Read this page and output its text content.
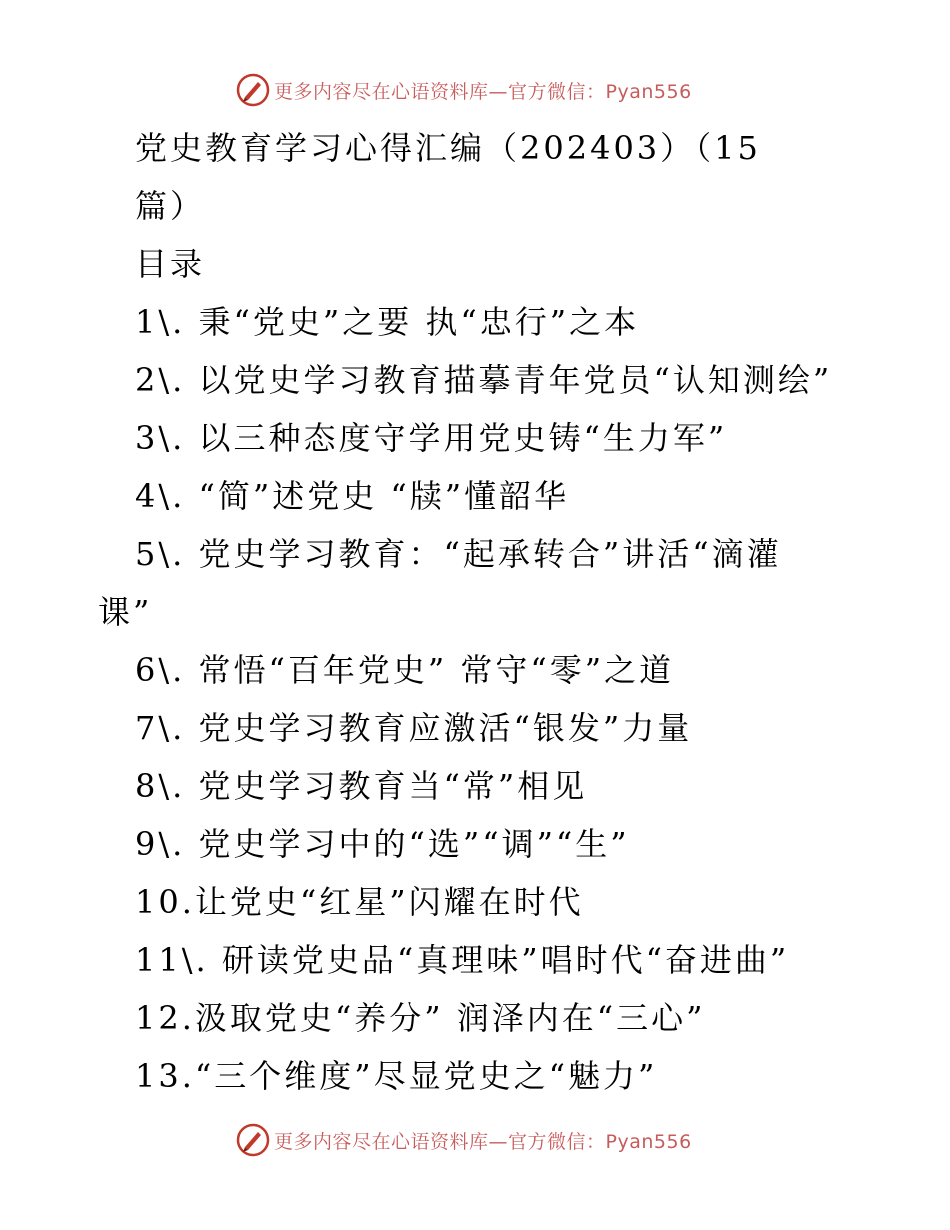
更多内容尽在心语资料库—官方微信：Pyan556
党史教育学习心得汇编（202403）（15
篇）
目录
1\. 秉“党史”之要 执“忠行”之本
2\. 以党史学习教育描摹青年党员“认知测绘”
3\. 以三种态度守学用党史铸“生力军”
4\. “简”述党史 “牍”懂韶华
5\. 党史学习教育：“起承转合”讲活“滴灌
课”
6\. 常悟“百年党史” 常守“零”之道
7\. 党史学习教育应激活“银发”力量
8\. 党史学习教育当“常”相见
9\. 党史学习中的“选”“调”“生”
10.让党史“红星”闪耀在时代
11\. 研读党史品“真理味”唱时代“奋进曲”
12.汲取党史“养分” 润泽内在“三心”
13.“三个维度”尽显党史之“魅力”
更多内容尽在心语资料库—官方微信：Pyan556
